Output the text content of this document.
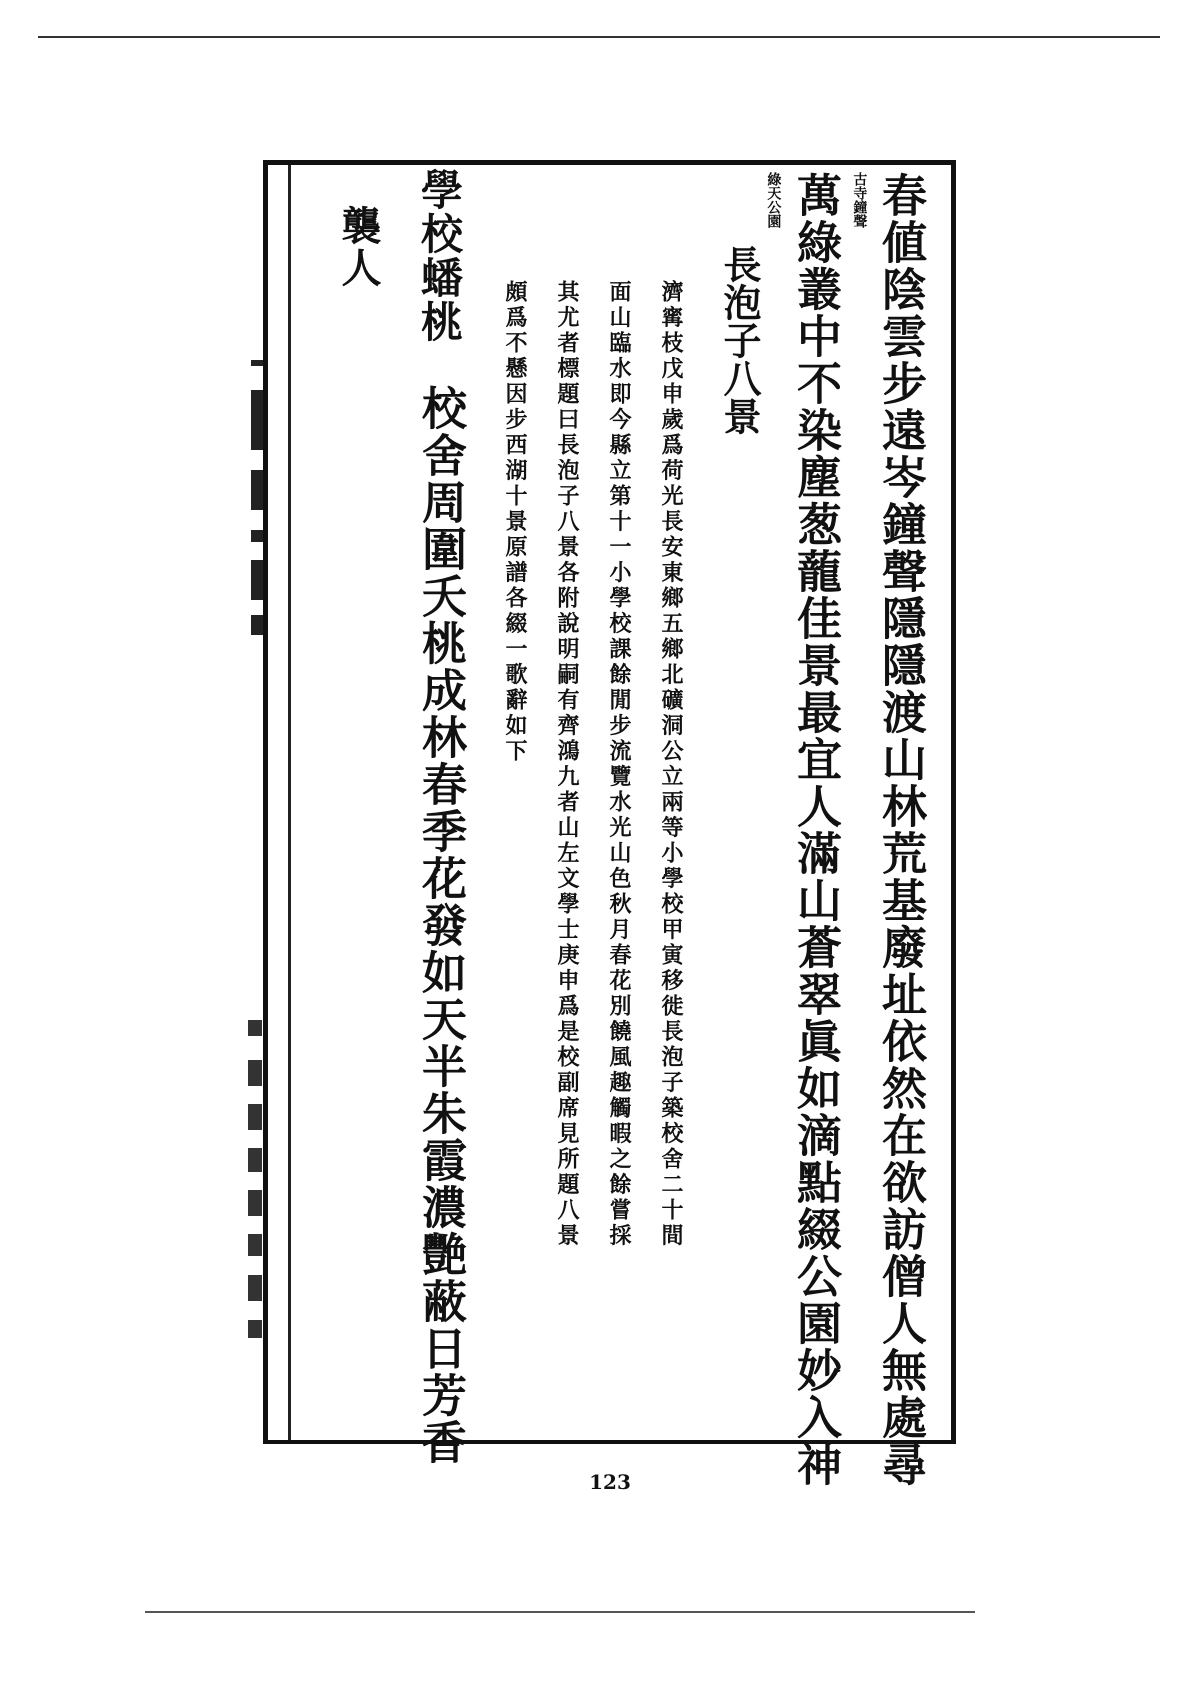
春値陰雲步遠岑鐘聲隱隱渡山林荒基廢址依然在欲訪僧人無處尋
古寺鐘聲
萬綠叢中不染塵葱蘢佳景最宜人滿山蒼翠眞如滴點綴公園妙入神
綠天公園
長泡子八景
濟寗枝戊申歲爲荷光長安東鄉五鄉北礦洞公立兩等小學校甲寅移徙長泡子築校舍二十間
面山臨水即今縣立第十一小學校課餘閒步流覽水光山色秋月春花別饒風趣觸暇之餘嘗採
其尤者標題曰長泡子八景各附說明嗣有齊鴻九者山左文學士庚申爲是校副席見所題八景
頗爲不懸因步西湖十景原譜各綴一歌辭如下
學校蟠桃
校舍周圍夭桃成林春季花發如天半朱霞濃艷蔽日芳香
襲人
123
